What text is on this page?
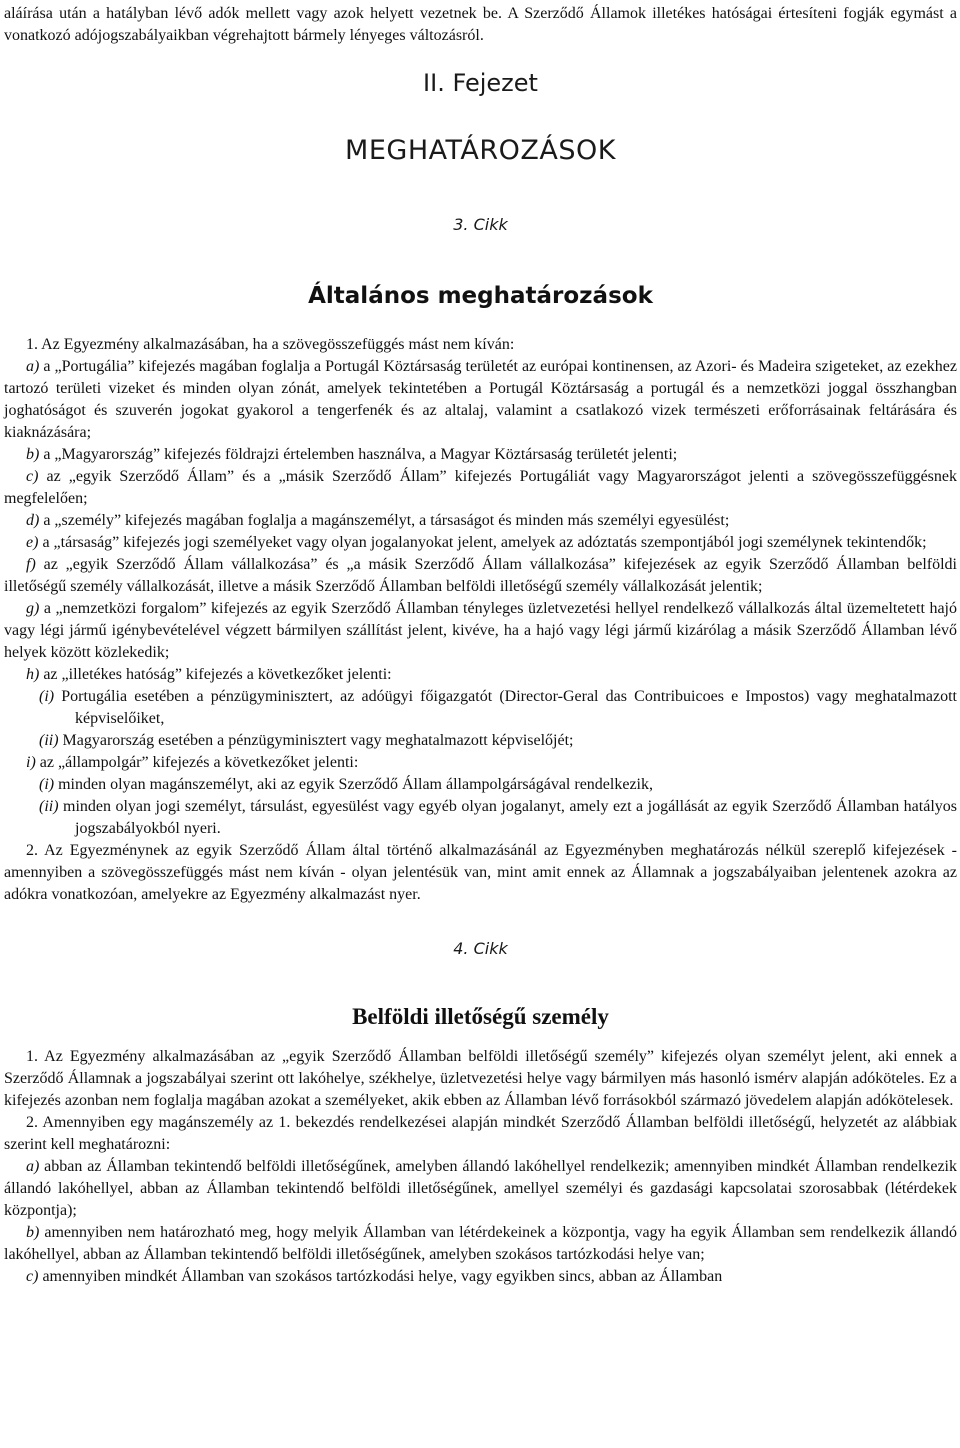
aláírása után a hatályban lévő adók mellett vagy azok helyett vezetnek be. A Szerződő Államok illetékes hatóságai értesíteni fogják egymást a vonatkozó adójogszabályaikban végrehajtott bármely lényeges változásról.

II. Fejezet

MEGHATÁROZÁSOK

3. Cikk

Általános meghatározások

1. Az Egyezmény alkalmazásában, ha a szövegösszefüggés mást nem kíván:

a) a „Portugália” kifejezés magában foglalja a Portugál Köztársaság területét az európai kontinensen, az Azori- és Madeira szigeteket, az ezekhez tartozó területi vizeket és minden olyan zónát, amelyek tekintetében a Portugál Köztársaság a portugál és a nemzetközi joggal összhangban joghatóságot és szuverén jogokat gyakorol a tengerfenék és az altalaj, valamint a csatlakozó vizek természeti erőforrásainak feltárására és kiaknázására;

b) a „Magyarország” kifejezés földrajzi értelemben használva, a Magyar Köztársaság területét jelenti;

c) az „egyik Szerződő Állam” és a „másik Szerződő Állam” kifejezés Portugáliát vagy Magyarországot jelenti a szövegösszefüggésnek megfelelően;

d) a „személy” kifejezés magában foglalja a magánszemélyt, a társaságot és minden más személyi egyesülést;

e) a „társaság” kifejezés jogi személyeket vagy olyan jogalanyokat jelent, amelyek az adóztatás szempontjából jogi személynek tekintendők;

f) az „egyik Szerződő Állam vállalkozása” és „a másik Szerződő Állam vállalkozása” kifejezések az egyik Szerződő Államban belföldi illetőségű személy vállalkozását, illetve a másik Szerződő Államban belföldi illetőségű személy vállalkozását jelentik;

g) a „nemzetközi forgalom” kifejezés az egyik Szerződő Államban tényleges üzletvezetési hellyel rendelkező vállalkozás által üzemeltetett hajó vagy légi jármű igénybevételével végzett bármilyen szállítást jelent, kivéve, ha a hajó vagy légi jármű kizárólag a másik Szerződő Államban lévő helyek között közlekedik;

h) az „illetékes hatóság” kifejezés a következőket jelenti:

(i) Portugália esetében a pénzügyminisztert, az adóügyi főigazgatót (Director-Geral das Contribuicoes e Impostos) vagy meghatalmazott képviselőiket,

(ii) Magyarország esetében a pénzügyminisztert vagy meghatalmazott képviselőjét;

i) az „állampolgár” kifejezés a következőket jelenti:

(i) minden olyan magánszemélyt, aki az egyik Szerződő Állam állampolgárságával rendelkezik,

(ii) minden olyan jogi személyt, társulást, egyesülést vagy egyéb olyan jogalanyt, amely ezt a jogállását az egyik Szerződő Államban hatályos jogszabályokból nyeri.

2. Az Egyezménynek az egyik Szerződő Állam által történő alkalmazásánál az Egyezményben meghatározás nélkül szereplő kifejezések - amennyiben a szövegösszefüggés mást nem kíván - olyan jelentésük van, mint amit ennek az Államnak a jogszabályaiban jelentenek azokra az adókra vonatkozóan, amelyekre az Egyezmény alkalmazást nyer.

4. Cikk

Belföldi illetőségű személy

1. Az Egyezmény alkalmazásában az „egyik Szerződő Államban belföldi illetőségű személy” kifejezés olyan személyt jelent, aki ennek a Szerződő Államnak a jogszabályai szerint ott lakóhelye, székhelye, üzletvezetési helye vagy bármilyen más hasonló ismérv alapján adóköteles. Ez a kifejezés azonban nem foglalja magában azokat a személyeket, akik ebben az Államban lévő forrásokból származó jövedelem alapján adókötelesek.

2. Amennyiben egy magánszemély az 1. bekezdés rendelkezései alapján mindkét Szerződő Államban belföldi illetőségű, helyzetét az alábbiak szerint kell meghatározni:

a) abban az Államban tekintendő belföldi illetőségűnek, amelyben állandó lakóhellyel rendelkezik; amennyiben mindkét Államban rendelkezik állandó lakóhellyel, abban az Államban tekintendő belföldi illetőségűnek, amellyel személyi és gazdasági kapcsolatai szorosabbak (létérdekek központja);

b) amennyiben nem határozható meg, hogy melyik Államban van létérdekeinek a központja, vagy ha egyik Államban sem rendelkezik állandó lakóhellyel, abban az Államban tekintendő belföldi illetőségűnek, amelyben szokásos tartózkodási helye van;

c) amennyiben mindkét Államban van szokásos tartózkodási helye, vagy egyikben sincs, abban az Államban
